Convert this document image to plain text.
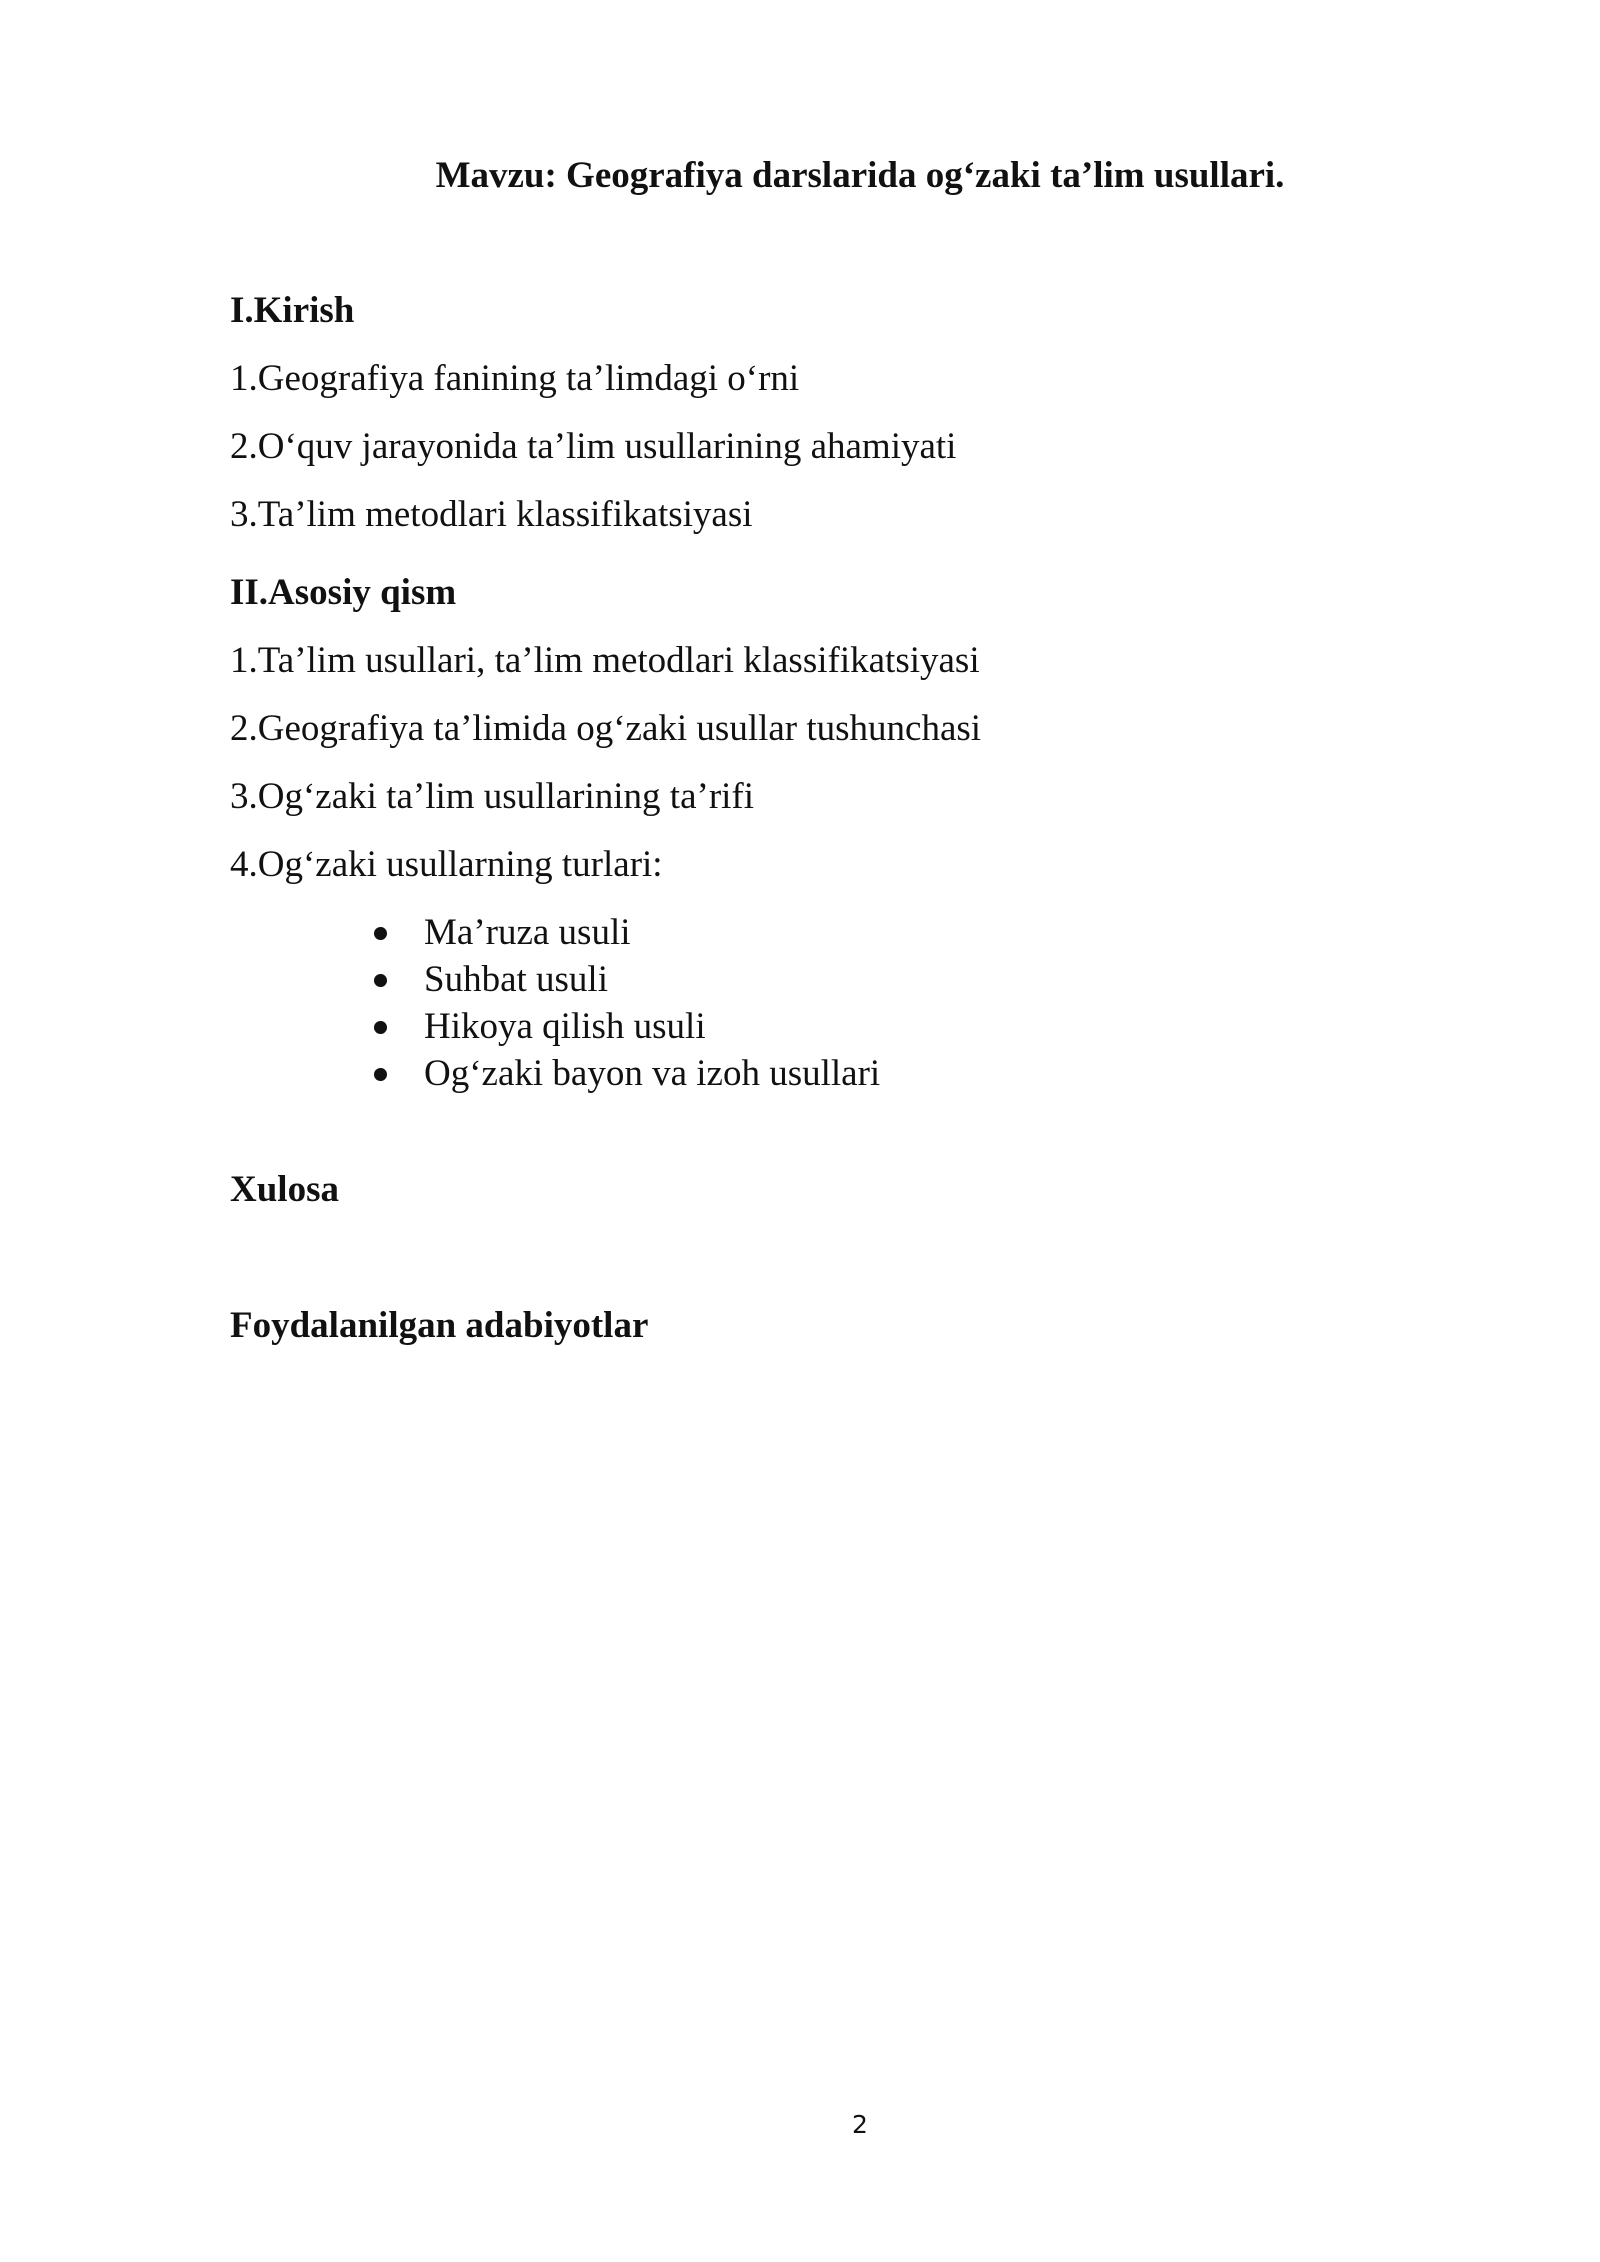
Mavzu: Geografiya darslarida og‘zaki ta’lim usullari.

I.Kirish

1.Geografiya fanining ta’limdagi o‘rni

2.O‘quv jarayonida ta’lim usullarining ahamiyati

3.Ta’lim metodlari klassifikatsiyasi

II.Asosiy qism

1.Ta’lim usullari, ta’lim metodlari klassifikatsiyasi

2.Geografiya ta’limida og‘zaki usullar tushunchasi

3.Og‘zaki ta’lim usullarining ta’rifi

4.Og‘zaki usullarning turlari:

Ma’ruza usuli
Suhbat usuli
Hikoya qilish usuli
Og‘zaki bayon va izoh usullari

Xulosa

Foydalanilgan adabiyotlar

2
